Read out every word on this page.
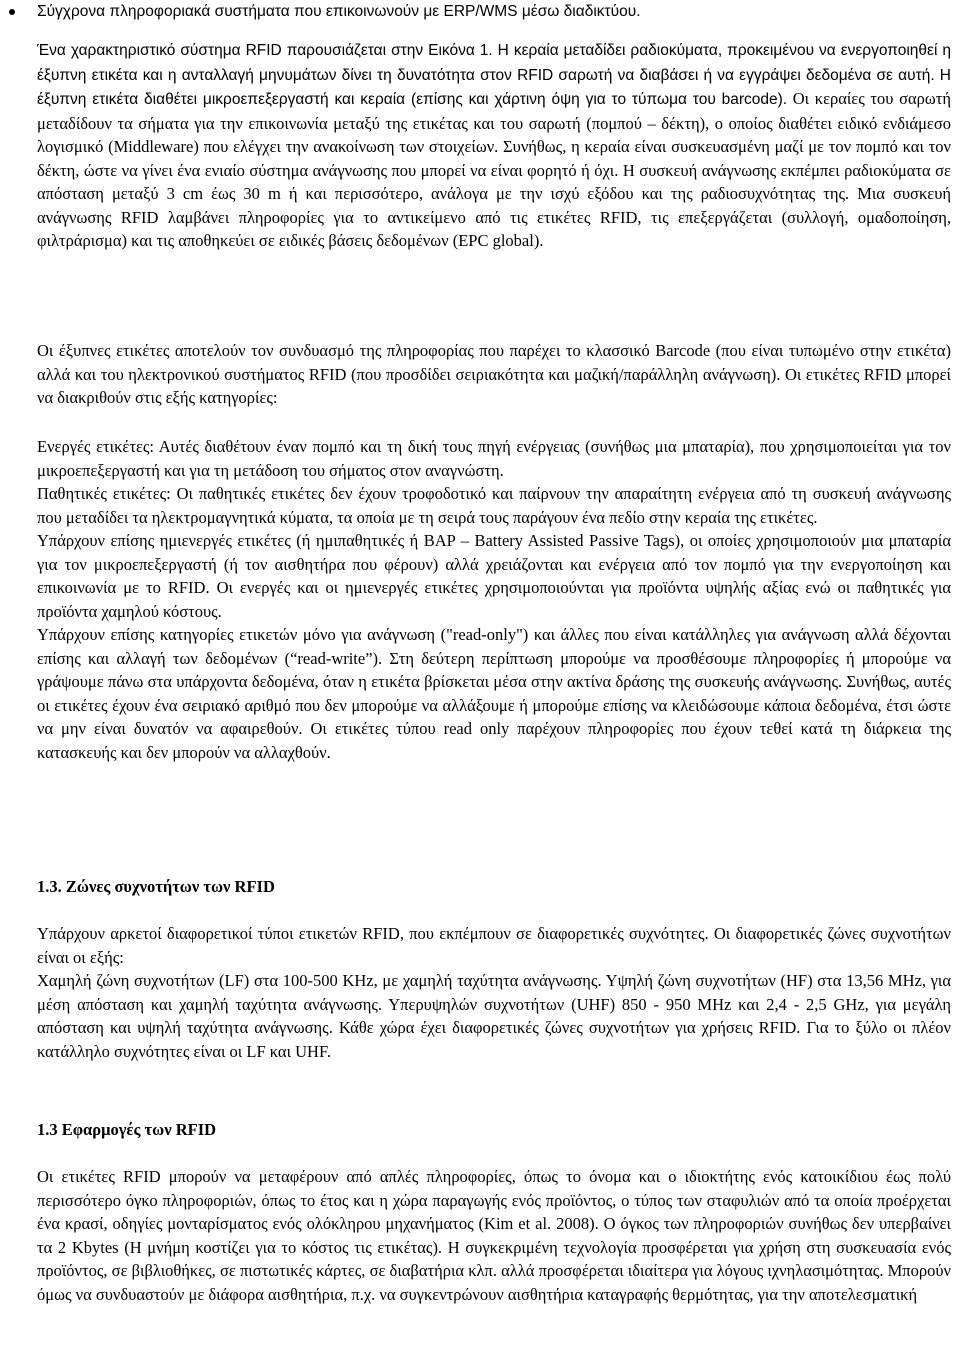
Σύγχρονα πληροφοριακά συστήματα που επικοινωνούν με ERP/WMS μέσω διαδικτύου.

Ένα χαρακτηριστικό σύστημα RFID παρουσιάζεται στην Εικόνα 1. Η κεραία μεταδίδει ραδιοκύματα, προκειμένου να ενεργοποιηθεί η έξυπνη ετικέτα και η ανταλλαγή μηνυμάτων δίνει τη δυνατότητα στον RFID σαρωτή να διαβάσει ή να εγγράψει δεδομένα σε αυτή. Η έξυπνη ετικέτα διαθέτει μικροεπεξεργαστή και κεραία (επίσης και χάρτινη όψη για το τύπωμα του barcode). Οι κεραίες του σαρωτή μεταδίδουν τα σήματα για την επικοινωνία μεταξύ της ετικέτας και του σαρωτή (πομπού – δέκτη), ο οποίος διαθέτει ειδικό ενδιάμεσο λογισμικό (Middleware) που ελέγχει την ανακοίνωση των στοιχείων. Συνήθως, η κεραία είναι συσκευασμένη μαζί με τον πομπό και τον δέκτη, ώστε να γίνει ένα ενιαίο σύστημα ανάγνωσης που μπορεί να είναι φορητό ή όχι. Η συσκευή ανάγνωσης εκπέμπει ραδιοκύματα σε απόσταση μεταξύ 3 cm έως 30 m ή και περισσότερο, ανάλογα με την ισχύ εξόδου και της ραδιοσυχνότητας της. Μια συσκευή ανάγνωσης RFID λαμβάνει πληροφορίες για το αντικείμενο από τις ετικέτες RFID, τις επεξεργάζεται (συλλογή, ομαδοποίηση, φιλτράρισμα) και τις αποθηκεύει σε ειδικές βάσεις δεδομένων (EPC global).

Οι έξυπνες ετικέτες αποτελούν τον συνδυασμό της πληροφορίας που παρέχει το κλασσικό Barcode (που είναι τυπωμένο στην ετικέτα) αλλά και του ηλεκτρονικού συστήματος RFID (που προσδίδει σειριακότητα και μαζική/παράλληλη ανάγνωση). Οι ετικέτες RFID μπορεί να διακριθούν στις εξής κατηγορίες:

Ενεργές ετικέτες: Αυτές διαθέτουν έναν πομπό και τη δική τους πηγή ενέργειας (συνήθως μια μπαταρία), που χρησιμοποιείται για τον μικροεπεξεργαστή και για τη μετάδοση του σήματος στον αναγνώστη.

Παθητικές ετικέτες: Οι παθητικές ετικέτες δεν έχουν τροφοδοτικό και παίρνουν την απαραίτητη ενέργεια από τη συσκευή ανάγνωσης που μεταδίδει τα ηλεκτρομαγνητικά κύματα, τα οποία με τη σειρά τους παράγουν ένα πεδίο στην κεραία της ετικέτες.

Υπάρχουν επίσης ημιενεργές ετικέτες (ή ημιπαθητικές ή BAP – Battery Assisted Passive Tags), οι οποίες χρησιμοποιούν μια μπαταρία για τον μικροεπεξεργαστή (ή τον αισθητήρα που φέρουν) αλλά χρειάζονται και ενέργεια από τον πομπό για την ενεργοποίηση και επικοινωνία με το RFID. Οι ενεργές και οι ημιενεργές ετικέτες χρησιμοποιούνται για προϊόντα υψηλής αξίας ενώ οι παθητικές για προϊόντα χαμηλού κόστους.

Υπάρχουν επίσης κατηγορίες ετικετών μόνο για ανάγνωση ("read-only") και άλλες που είναι κατάλληλες για ανάγνωση αλλά δέχονται επίσης και αλλαγή των δεδομένων (“read-write”). Στη δεύτερη περίπτωση μπορούμε να προσθέσουμε πληροφορίες ή μπορούμε να γράψουμε πάνω στα υπάρχοντα δεδομένα, όταν η ετικέτα βρίσκεται μέσα στην ακτίνα δράσης της συσκευής ανάγνωσης. Συνήθως, αυτές οι ετικέτες έχουν ένα σειριακό αριθμό που δεν μπορούμε να αλλάξουμε ή μπορούμε επίσης να κλειδώσουμε κάποια δεδομένα, έτσι ώστε να μην είναι δυνατόν να αφαιρεθούν. Οι ετικέτες τύπου read only παρέχουν πληροφορίες που έχουν τεθεί κατά τη διάρκεια της κατασκευής και δεν μπορούν να αλλαχθούν.

1.3. Ζώνες συχνοτήτων των RFID

Υπάρχουν αρκετοί διαφορετικοί τύποι ετικετών RFID, που εκπέμπουν σε διαφορετικές συχνότητες. Οι διαφορετικές ζώνες συχνοτήτων είναι οι εξής:

Χαμηλή ζώνη συχνοτήτων (LF) στα 100-500 KHz, με χαμηλή ταχύτητα ανάγνωσης. Υψηλή ζώνη συχνοτήτων (HF) στα 13,56 MHz, για μέση απόσταση και χαμηλή ταχύτητα ανάγνωσης. Υπερυψηλών συχνοτήτων (UHF) 850 - 950 MHz και 2,4 - 2,5 GHz, για μεγάλη απόσταση και υψηλή ταχύτητα ανάγνωσης. Κάθε χώρα έχει διαφορετικές ζώνες συχνοτήτων για χρήσεις RFID. Για το ξύλο οι πλέον κατάλληλο συχνότητες είναι οι LF και UHF.

1.3 Εφαρμογές των RFID

Οι ετικέτες RFID μπορούν να μεταφέρουν από απλές πληροφορίες, όπως το όνομα και ο ιδιοκτήτης ενός κατοικίδιου έως πολύ περισσότερο όγκο πληροφοριών, όπως το έτος και η χώρα παραγωγής ενός προϊόντος, ο τύπος των σταφυλιών από τα οποία προέρχεται ένα κρασί, οδηγίες μονταρίσματος ενός ολόκληρου μηχανήματος (Kim et al. 2008). Ο όγκος των πληροφοριών συνήθως δεν υπερβαίνει τα 2 Kbytes (Η μνήμη κοστίζει για το κόστος τις ετικέτας). Η συγκεκριμένη τεχνολογία προσφέρεται για χρήση στη συσκευασία ενός προϊόντος, σε βιβλιοθήκες, σε πιστωτικές κάρτες, σε διαβατήρια κλπ. αλλά προσφέρεται ιδιαίτερα για λόγους ιχνηλασιμότητας. Μπορούν όμως να συνδυαστούν με διάφορα αισθητήρια, π.χ. να συγκεντρώνουν αισθητήρια καταγραφής θερμότητας, για την αποτελεσματική
